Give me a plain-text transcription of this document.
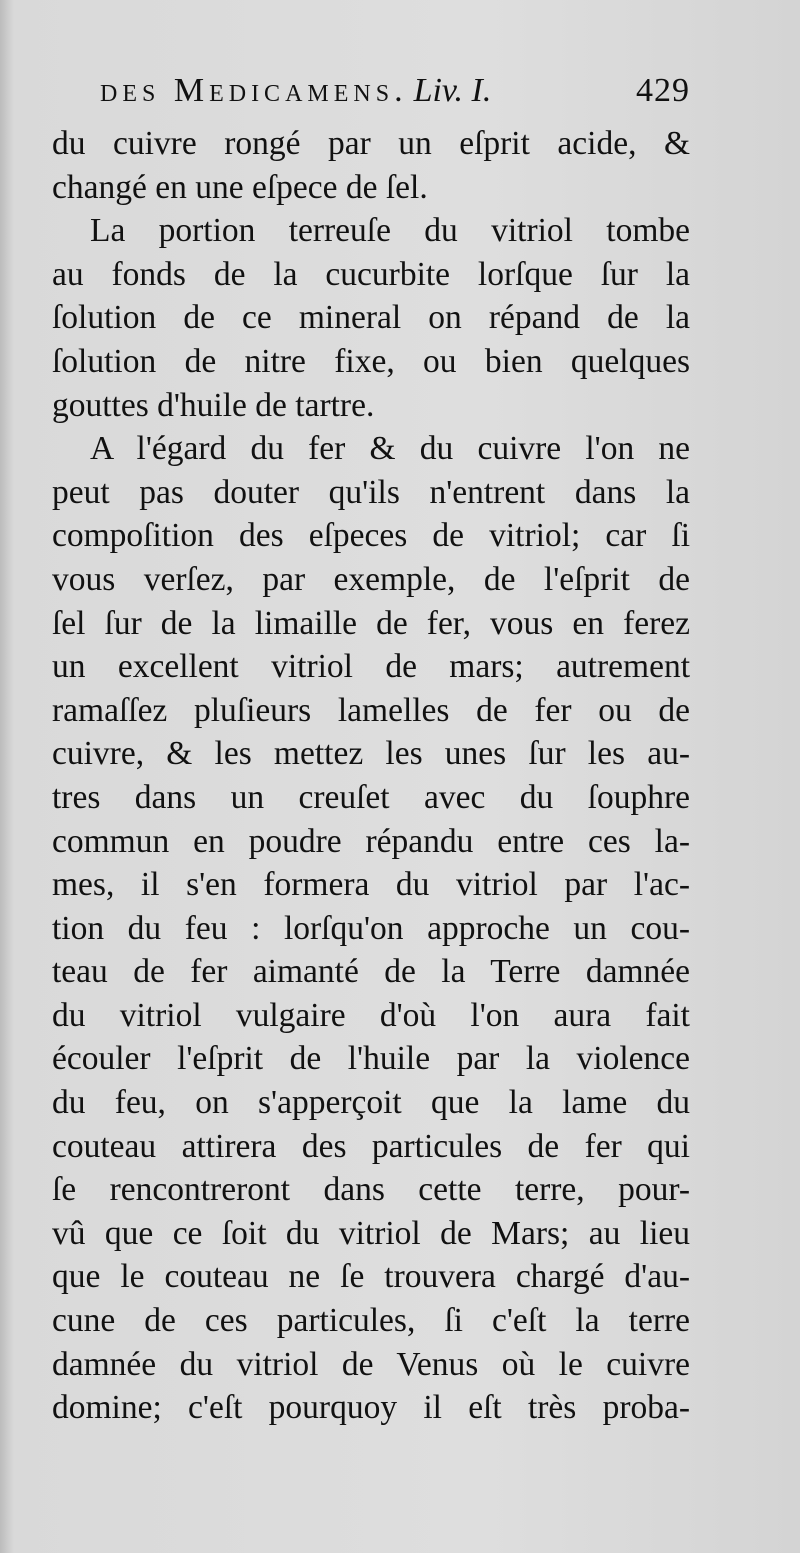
des Medicamens. Liv. I.	429
du cuivre rongé par un eſprit acide, &
changé en une eſpece de ſel.
La portion terreuſe du vitriol tombe
au fonds de la cucurbite lorſque ſur la
ſolution de ce mineral on répand de la
ſolution de nitre fixe, ou bien quelques
gouttes d'huile de tartre.
A l'égard du fer & du cuivre l'on ne
peut pas douter qu'ils n'entrent dans la
compoſition des eſpeces de vitriol; car ſi
vous verſez, par exemple, de l'eſprit de
ſel ſur de la limaille de fer, vous en ferez
un excellent vitriol de mars; autrement
ramaſſez pluſieurs lamelles de fer ou de
cuivre, & les mettez les unes ſur les au-
tres dans un creuſet avec du ſouphre
commun en poudre répandu entre ces la-
mes, il s'en formera du vitriol par l'ac-
tion du feu : lorſqu'on approche un cou-
teau de fer aimanté de la Terre damnée
du vitriol vulgaire d'où l'on aura fait
écouler l'eſprit de l'huile par la violence
du feu, on s'apperçoit que la lame du
couteau attirera des particules de fer qui
ſe rencontreront dans cette terre, pour-
vû que ce ſoit du vitriol de Mars; au lieu
que le couteau ne ſe trouvera chargé d'au-
cune de ces particules, ſi c'eſt la terre
damnée du vitriol de Venus où le cuivre
domine; c'eſt pourquoy il eſt très proba-
